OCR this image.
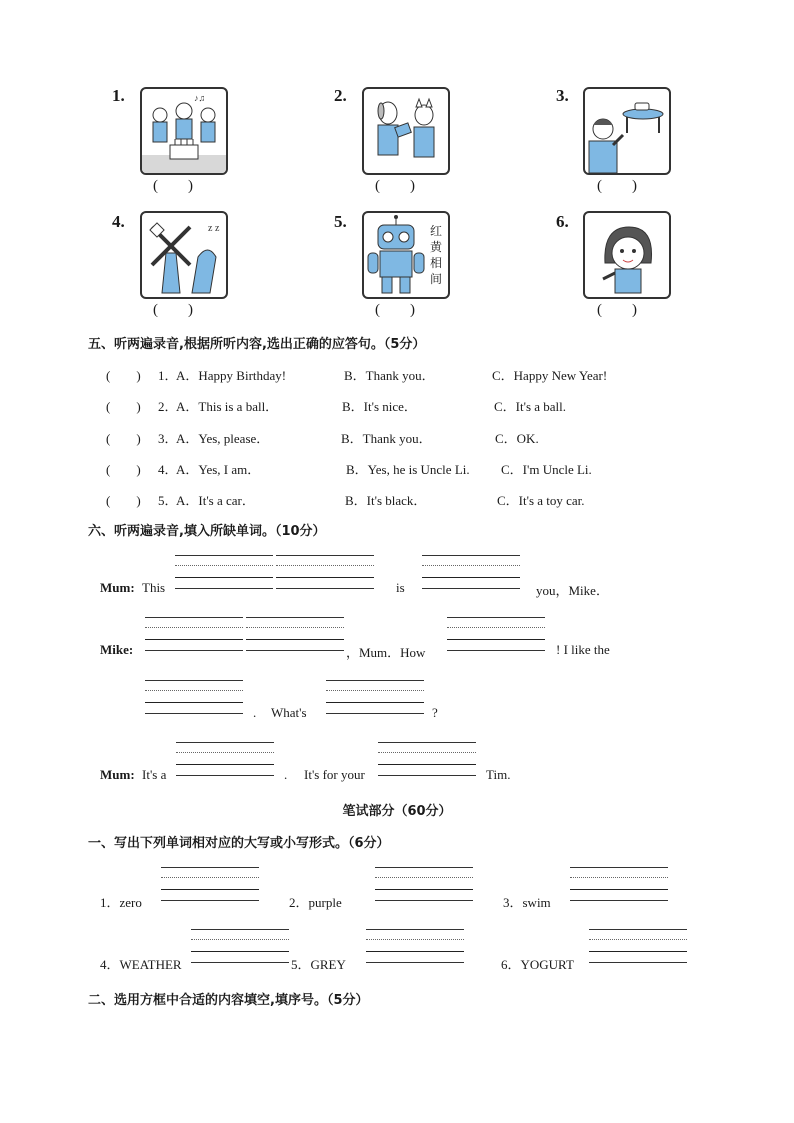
1.	♪♫
(　　)
2.
(　　)
3.
(　　)
4.	z z
(　　)
5.	红
黄
相
间
(　　)
6.
(　　)
五、听两遍录音,根据所听内容,选出正确的应答句。（5分）
(　　) 1．
A．Happy Birthday!	B．Thank you．	C．Happy New Year!
(　　) 2．
A．This is a ball．	B．It's nice．	C．It's a ball.
(　　) 3．
A．Yes, please．	B．Thank you．	C．OK.
(　　) 4．
A．Yes, I am．	B．Yes, he is Uncle Li. C．I'm Uncle Li.
(　　) 5．
A．It's a car．	B．It's black．	C．It's a toy car.
六、听两遍录音,填入所缺单词。（10分）
Mum: This	is	you，Mike．
Mike:	，Mum．How	! I like the
. What's	?
Mum: It's a	. It's for your	Tim.
笔试部分（60分）
一、写出下列单词相对应的大写或小写形式。（6分）
1．zero	2．purple	3．swim
4．WEATHER	5．GREY	6．YOGURT
二、选用方框中合适的内容填空,填序号。（5分）
